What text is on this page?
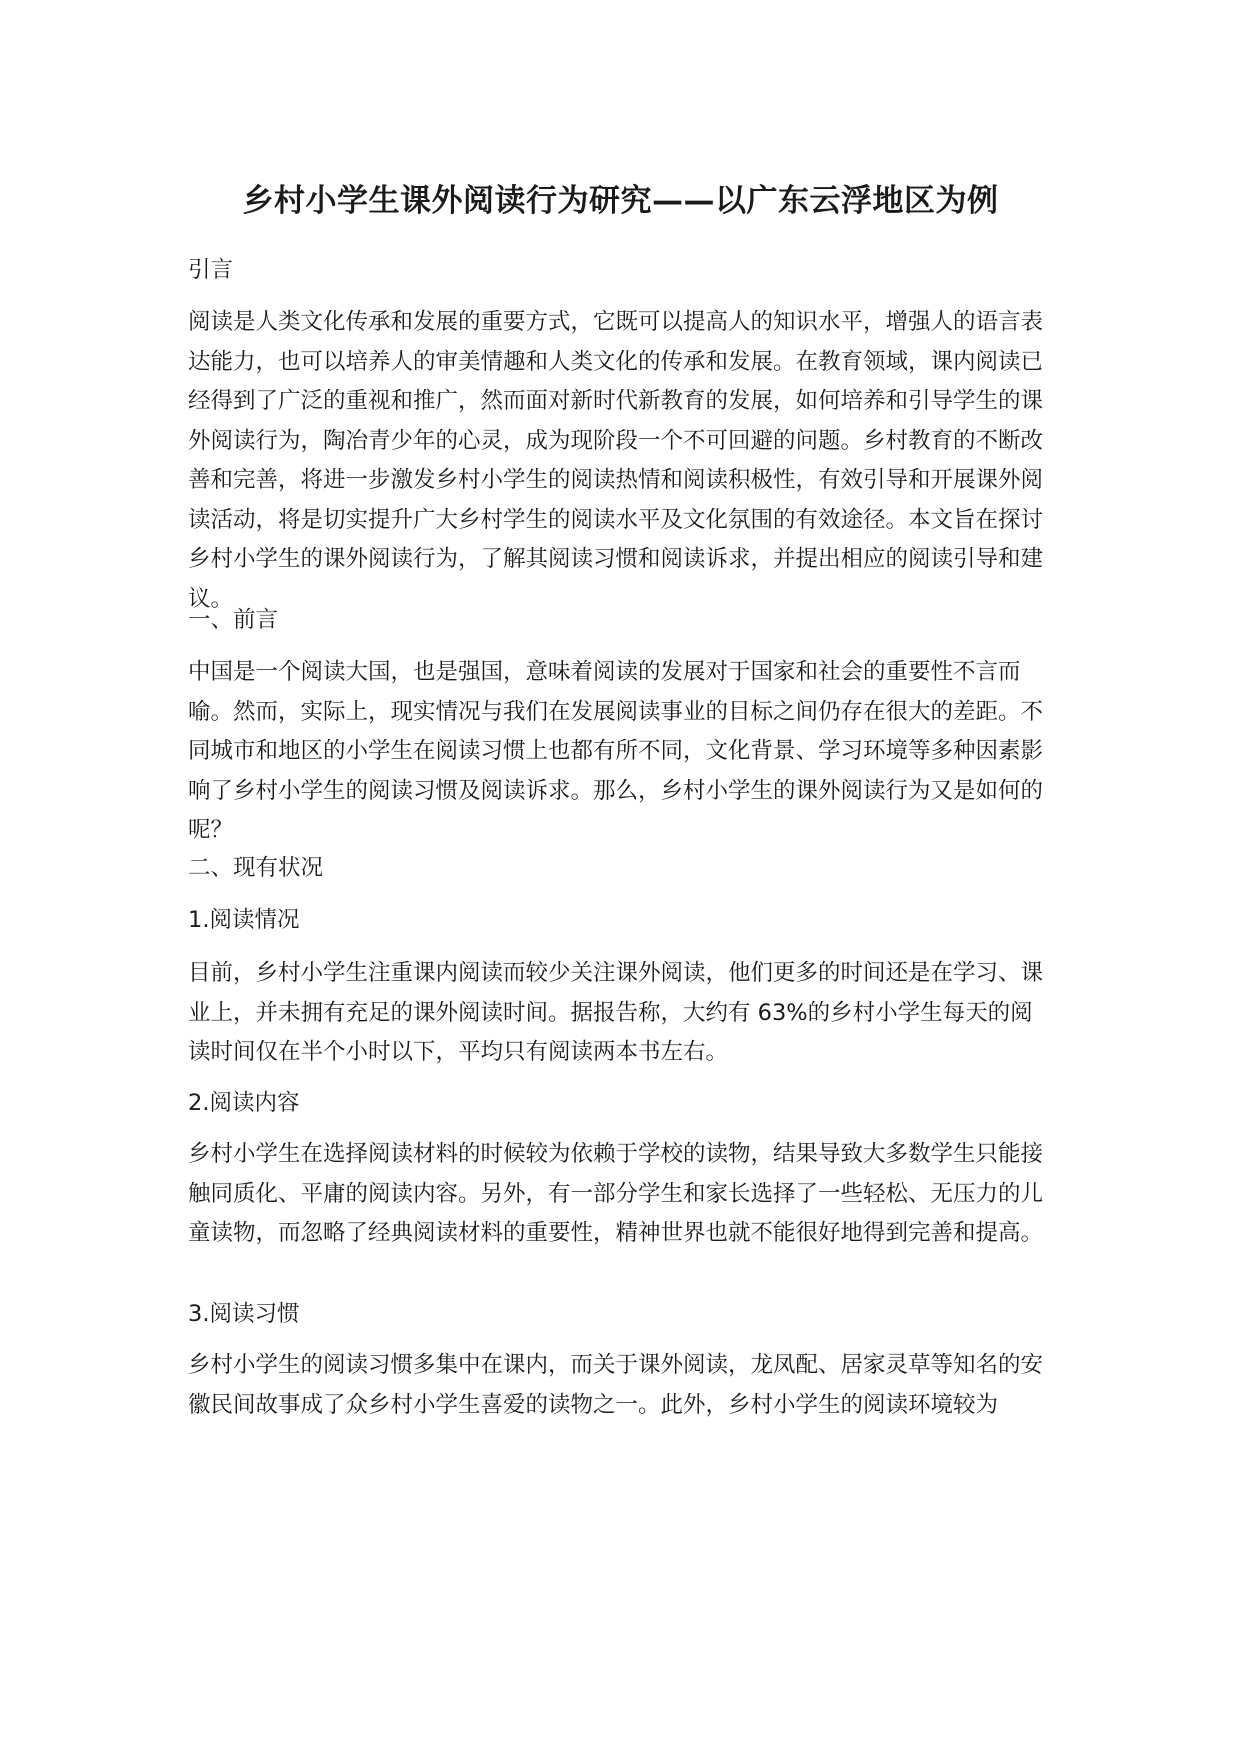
乡村小学生课外阅读行为研究——以广东云浮地区为例

引言

阅读是人类文化传承和发展的重要方式，它既可以提高人的知识水平，增强人的语言表达能力，也可以培养人的审美情趣和人类文化的传承和发展。在教育领域，课内阅读已经得到了广泛的重视和推广，然而面对新时代新教育的发展，如何培养和引导学生的课外阅读行为，陶冶青少年的心灵，成为现阶段一个不可回避的问题。乡村教育的不断改善和完善，将进一步激发乡村小学生的阅读热情和阅读积极性，有效引导和开展课外阅读活动，将是切实提升广大乡村学生的阅读水平及文化氛围的有效途径。本文旨在探讨乡村小学生的课外阅读行为，了解其阅读习惯和阅读诉求，并提出相应的阅读引导和建议。

一、前言

中国是一个阅读大国，也是强国，意味着阅读的发展对于国家和社会的重要性不言而喻。然而，实际上，现实情况与我们在发展阅读事业的目标之间仍存在很大的差距。不同城市和地区的小学生在阅读习惯上也都有所不同，文化背景、学习环境等多种因素影响了乡村小学生的阅读习惯及阅读诉求。那么，乡村小学生的课外阅读行为又是如何的呢？

二、现有状况

1.阅读情况

目前，乡村小学生注重课内阅读而较少关注课外阅读，他们更多的时间还是在学习、课业上，并未拥有充足的课外阅读时间。据报告称，大约有 63%的乡村小学生每天的阅读时间仅在半个小时以下，平均只有阅读两本书左右。

2.阅读内容

乡村小学生在选择阅读材料的时候较为依赖于学校的读物，结果导致大多数学生只能接触同质化、平庸的阅读内容。另外，有一部分学生和家长选择了一些轻松、无压力的儿童读物，而忽略了经典阅读材料的重要性，精神世界也就不能很好地得到完善和提高。

3.阅读习惯

乡村小学生的阅读习惯多集中在课内，而关于课外阅读，龙凤配、居家灵草等知名的安徽民间故事成了众乡村小学生喜爱的读物之一。此外，乡村小学生的阅读环境较为
